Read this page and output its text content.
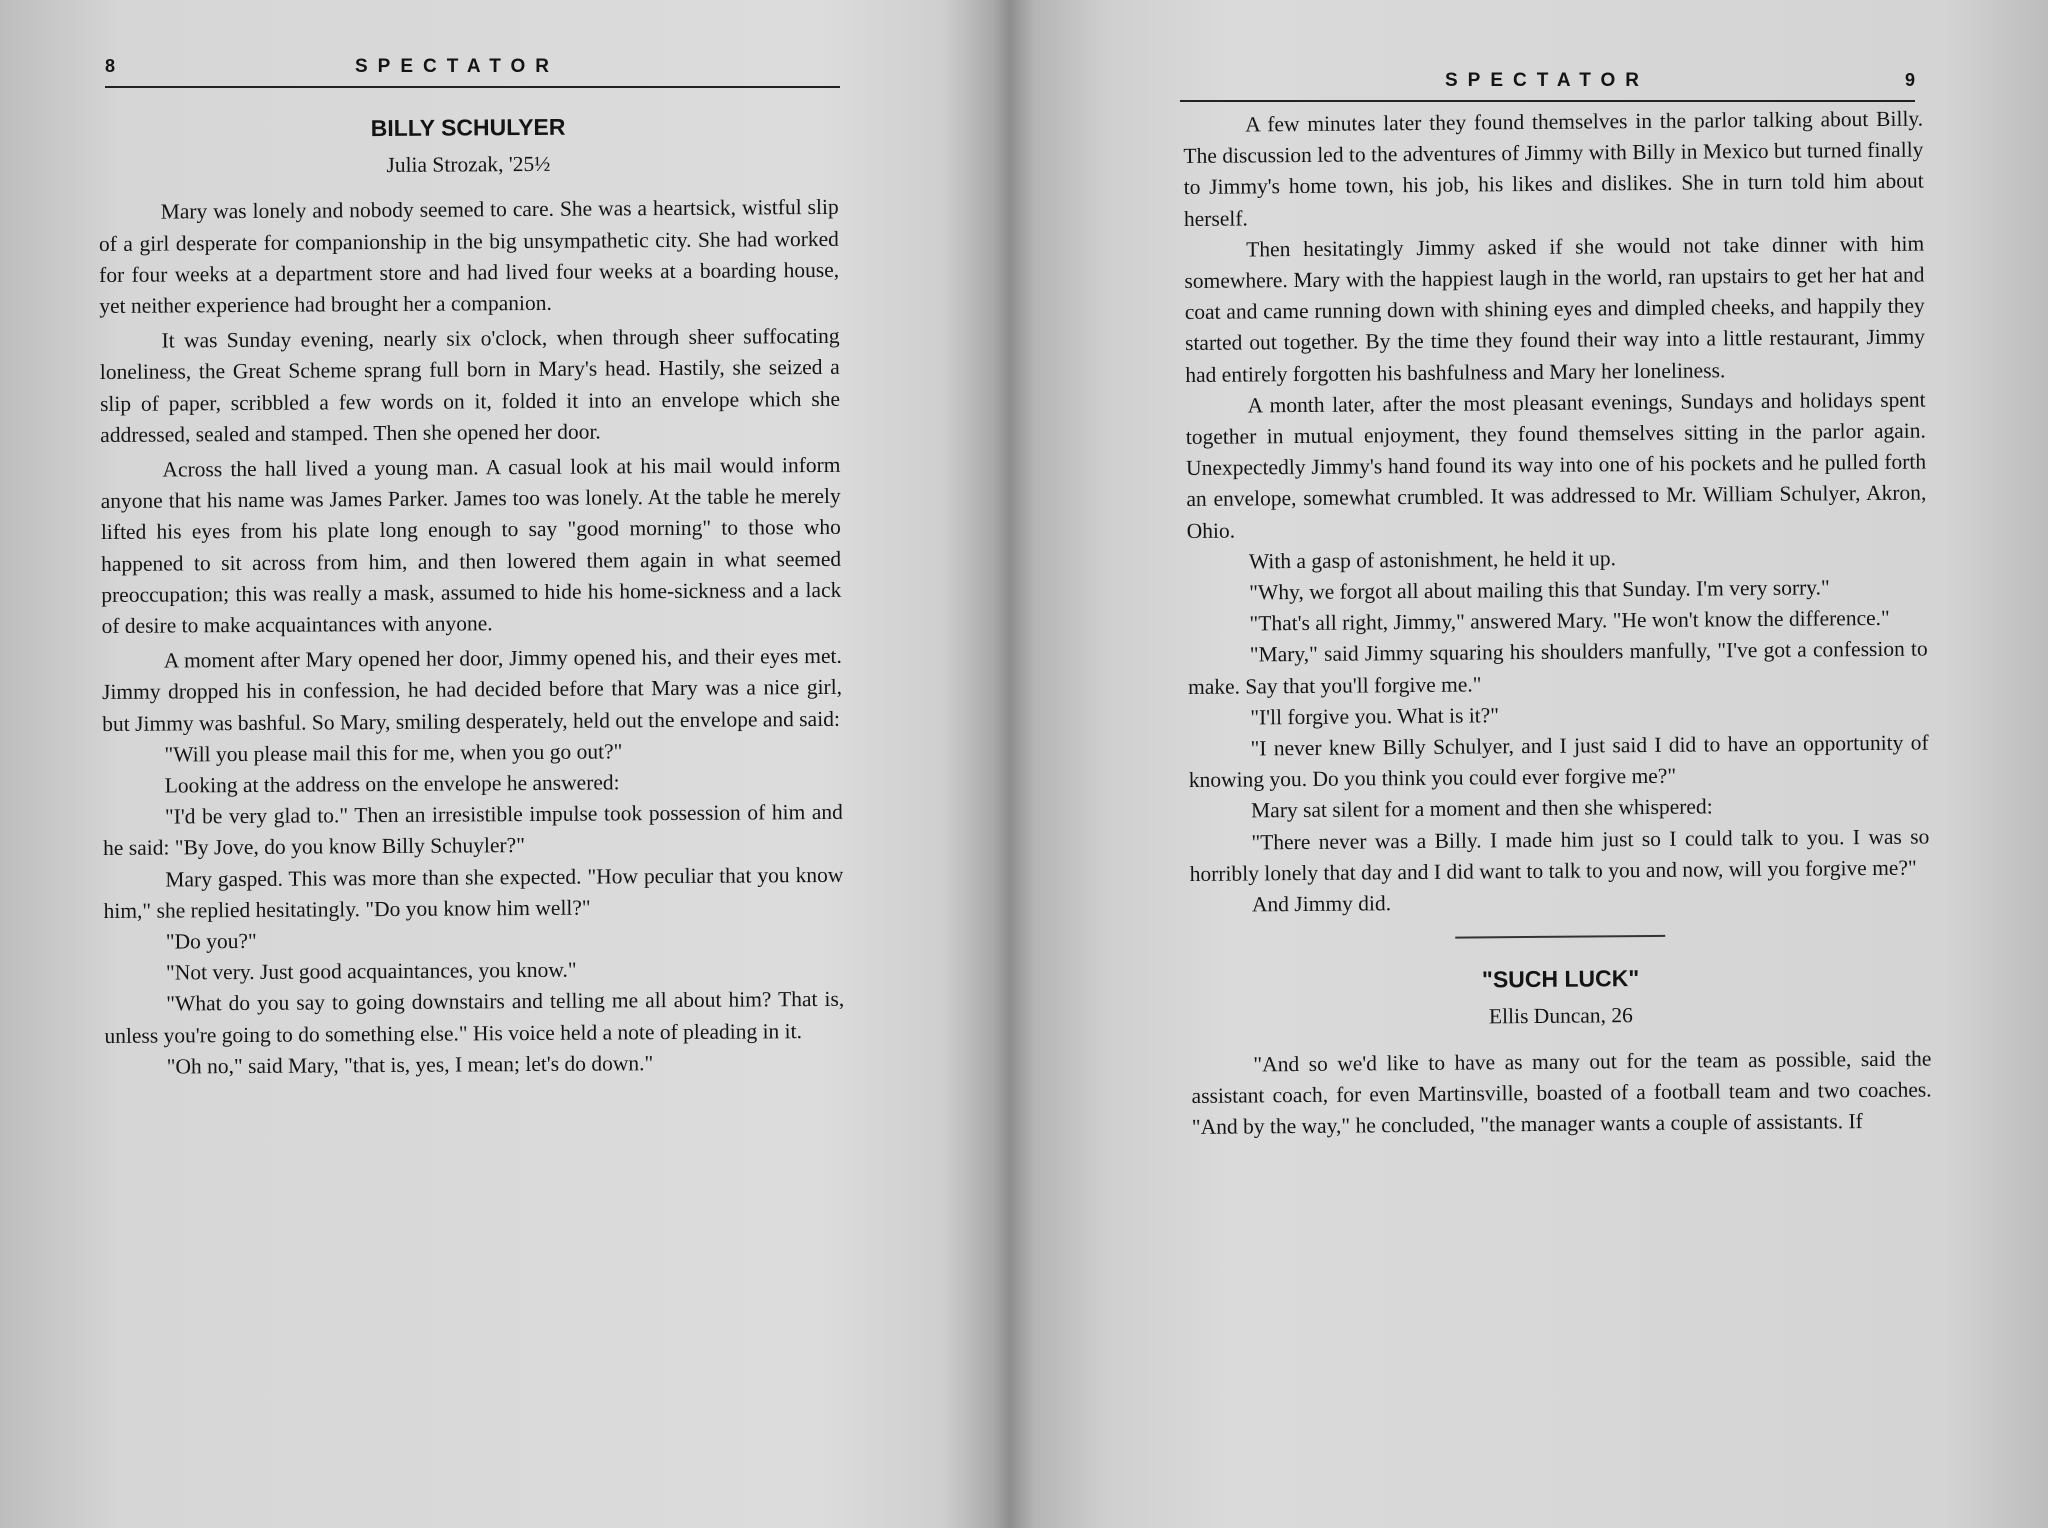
8	SPECTATOR
BILLY SCHULYER
Julia Strozak, '25½

Mary was lonely and nobody seemed to care. She was a heartsick, wistful slip of a girl desperate for companionship in the big unsympathetic city. She had worked for four weeks at a department store and had lived four weeks at a boarding house, yet neither experience had brought her a companion.

It was Sunday evening, nearly six o'clock, when through sheer suffocating loneliness, the Great Scheme sprang full born in Mary's head. Hastily, she seized a slip of paper, scribbled a few words on it, folded it into an envelope which she addressed, sealed and stamped. Then she opened her door.

Across the hall lived a young man. A casual look at his mail would inform anyone that his name was James Parker. James too was lonely. At the table he merely lifted his eyes from his plate long enough to say "good morning" to those who happened to sit across from him, and then lowered them again in what seemed preoccupation; this was really a mask, assumed to hide his home-sickness and a lack of desire to make acquaintances with anyone.

A moment after Mary opened her door, Jimmy opened his, and their eyes met. Jimmy dropped his in confession, he had decided before that Mary was a nice girl, but Jimmy was bashful. So Mary, smiling desperately, held out the envelope and said:

"Will you please mail this for me, when you go out?"

Looking at the address on the envelope he answered:

"I'd be very glad to." Then an irresistible impulse took possession of him and he said: "By Jove, do you know Billy Schuyler?"

Mary gasped. This was more than she expected. "How peculiar that you know him," she replied hesitatingly. "Do you know him well?"

"Do you?"

"Not very. Just good acquaintances, you know."

"What do you say to going downstairs and telling me all about him? That is, unless you're going to do something else." His voice held a note of pleading in it.

"Oh no," said Mary, "that is, yes, I mean; let's do down."

SPECTATOR	9

A few minutes later they found themselves in the parlor talking about Billy. The discussion led to the adventures of Jimmy with Billy in Mexico but turned finally to Jimmy's home town, his job, his likes and dislikes. She in turn told him about herself.

Then hesitatingly Jimmy asked if she would not take dinner with him somewhere. Mary with the happiest laugh in the world, ran upstairs to get her hat and coat and came running down with shining eyes and dimpled cheeks, and happily they started out together. By the time they found their way into a little restaurant, Jimmy had entirely forgotten his bashfulness and Mary her loneliness.

A month later, after the most pleasant evenings, Sundays and holidays spent together in mutual enjoyment, they found themselves sitting in the parlor again. Unexpectedly Jimmy's hand found its way into one of his pockets and he pulled forth an envelope, somewhat crumbled. It was addressed to Mr. William Schulyer, Akron, Ohio.

With a gasp of astonishment, he held it up.

"Why, we forgot all about mailing this that Sunday. I'm very sorry."

"That's all right, Jimmy," answered Mary. "He won't know the difference."

"Mary," said Jimmy squaring his shoulders manfully, "I've got a confession to make. Say that you'll forgive me."

"I'll forgive you. What is it?"

"I never knew Billy Schulyer, and I just said I did to have an opportunity of knowing you. Do you think you could ever forgive me?"

Mary sat silent for a moment and then she whispered:

"There never was a Billy. I made him just so I could talk to you. I was so horribly lonely that day and I did want to talk to you and now, will you forgive me?"

And Jimmy did.

"SUCH LUCK"
Ellis Duncan, 26

"And so we'd like to have as many out for the team as possible, said the assistant coach, for even Martinsville, boasted of a football team and two coaches. "And by the way," he concluded, "the manager wants a couple of assistants. If
